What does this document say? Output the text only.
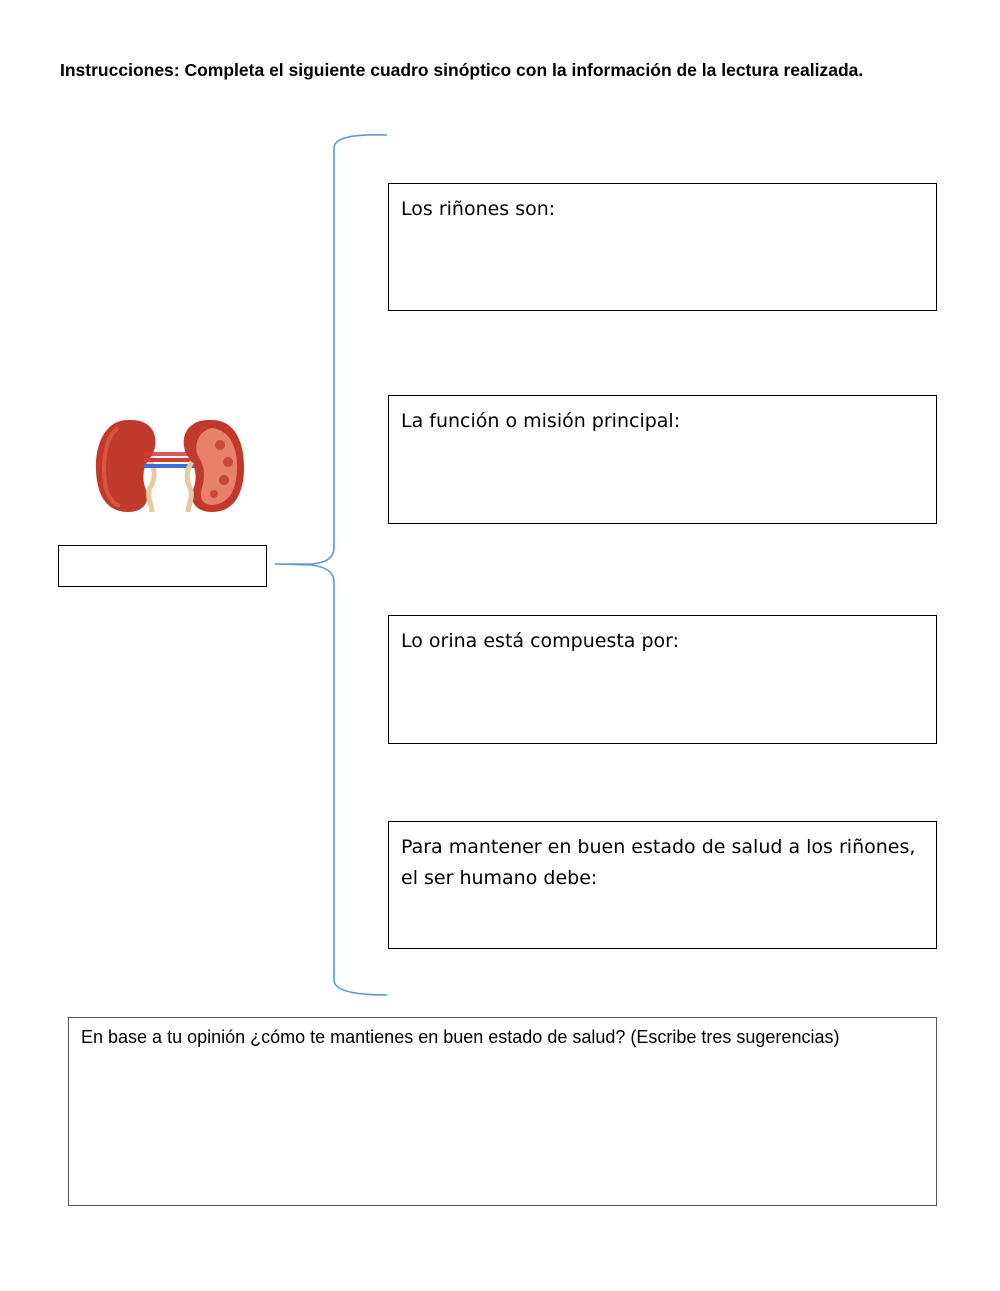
Instrucciones: Completa el siguiente cuadro sinóptico con la información de la lectura realizada.

Los riñones son:

La función o misión principal:

Lo orina está compuesta por:

Para mantener en buen estado de salud a los riñones, el ser humano debe:

En base a tu opinión ¿cómo te mantienes en buen estado de salud? (Escribe tres sugerencias)
